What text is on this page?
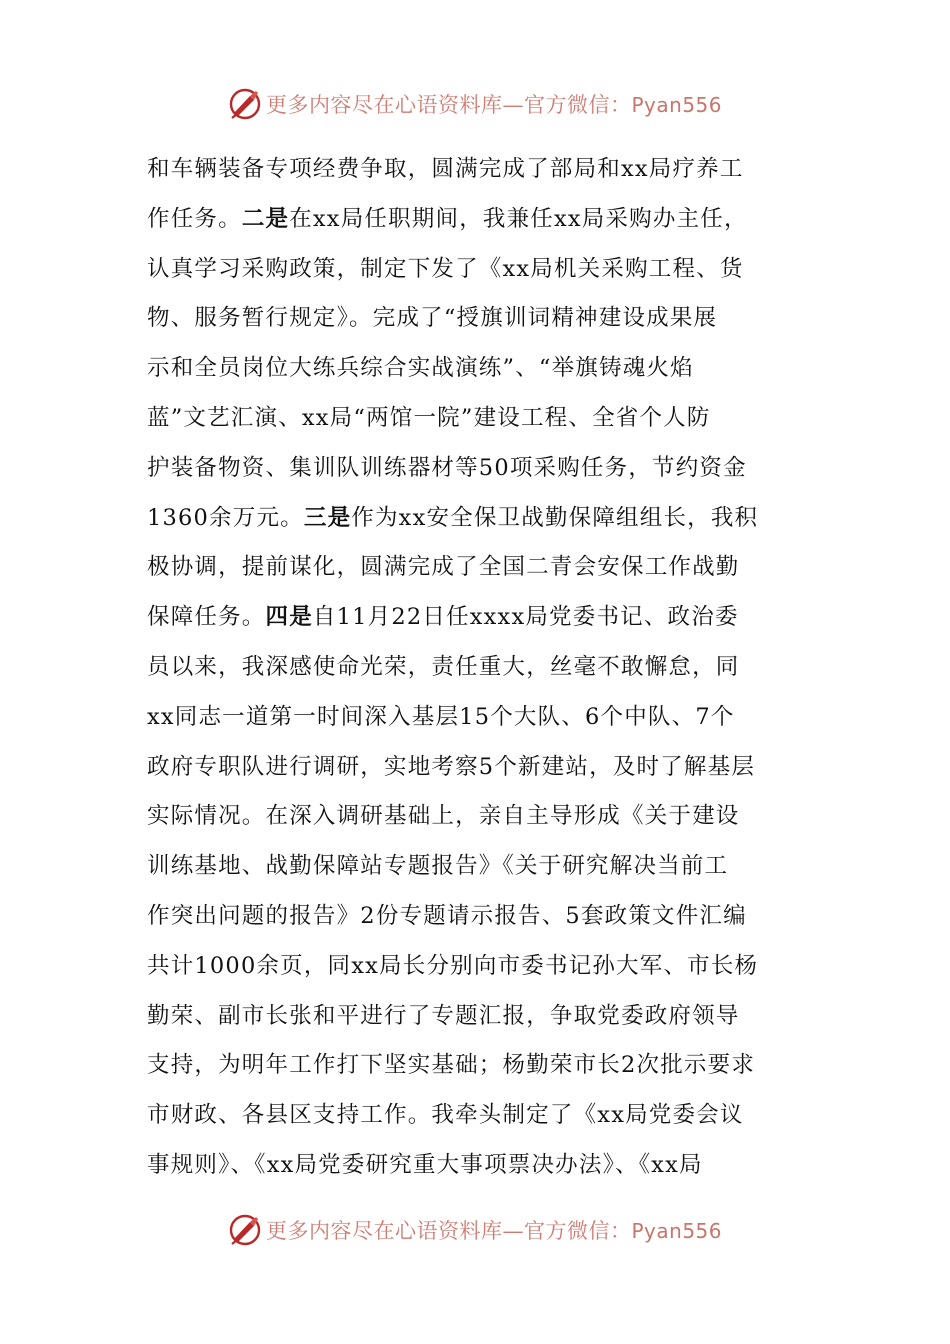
更多内容尽在心语资料库—官方微信：Pyan556
和车辆装备专项经费争取，圆满完成了部局和xx局疗养工
作任务。二是在xx局任职期间，我兼任xx局采购办主任，
认真学习采购政策，制定下发了《xx局机关采购工程、货
物、服务暂行规定》。完成了“授旗训词精神建设成果展
示和全员岗位大练兵综合实战演练”、“举旗铸魂火焰
蓝”文艺汇演、xx局“两馆一院”建设工程、全省个人防
护装备物资、集训队训练器材等50项采购任务，节约资金
1360余万元。三是作为xx安全保卫战勤保障组组长，我积
极协调，提前谋化，圆满完成了全国二青会安保工作战勤
保障任务。四是自11月22日任xxxx局党委书记、政治委
员以来，我深感使命光荣，责任重大，丝毫不敢懈怠，同
xx同志一道第一时间深入基层15个大队、6个中队、7个
政府专职队进行调研，实地考察5个新建站，及时了解基层
实际情况。在深入调研基础上，亲自主导形成《关于建设
训练基地、战勤保障站专题报告》《关于研究解决当前工
作突出问题的报告》2份专题请示报告、5套政策文件汇编
共计1000余页，同xx局长分别向市委书记孙大军、市长杨
勤荣、副市长张和平进行了专题汇报，争取党委政府领导
支持，为明年工作打下坚实基础；杨勤荣市长2次批示要求
市财政、各县区支持工作。我牵头制定了《xx局党委会议
事规则》、《xx局党委研究重大事项票决办法》、《xx局
更多内容尽在心语资料库—官方微信：Pyan556
